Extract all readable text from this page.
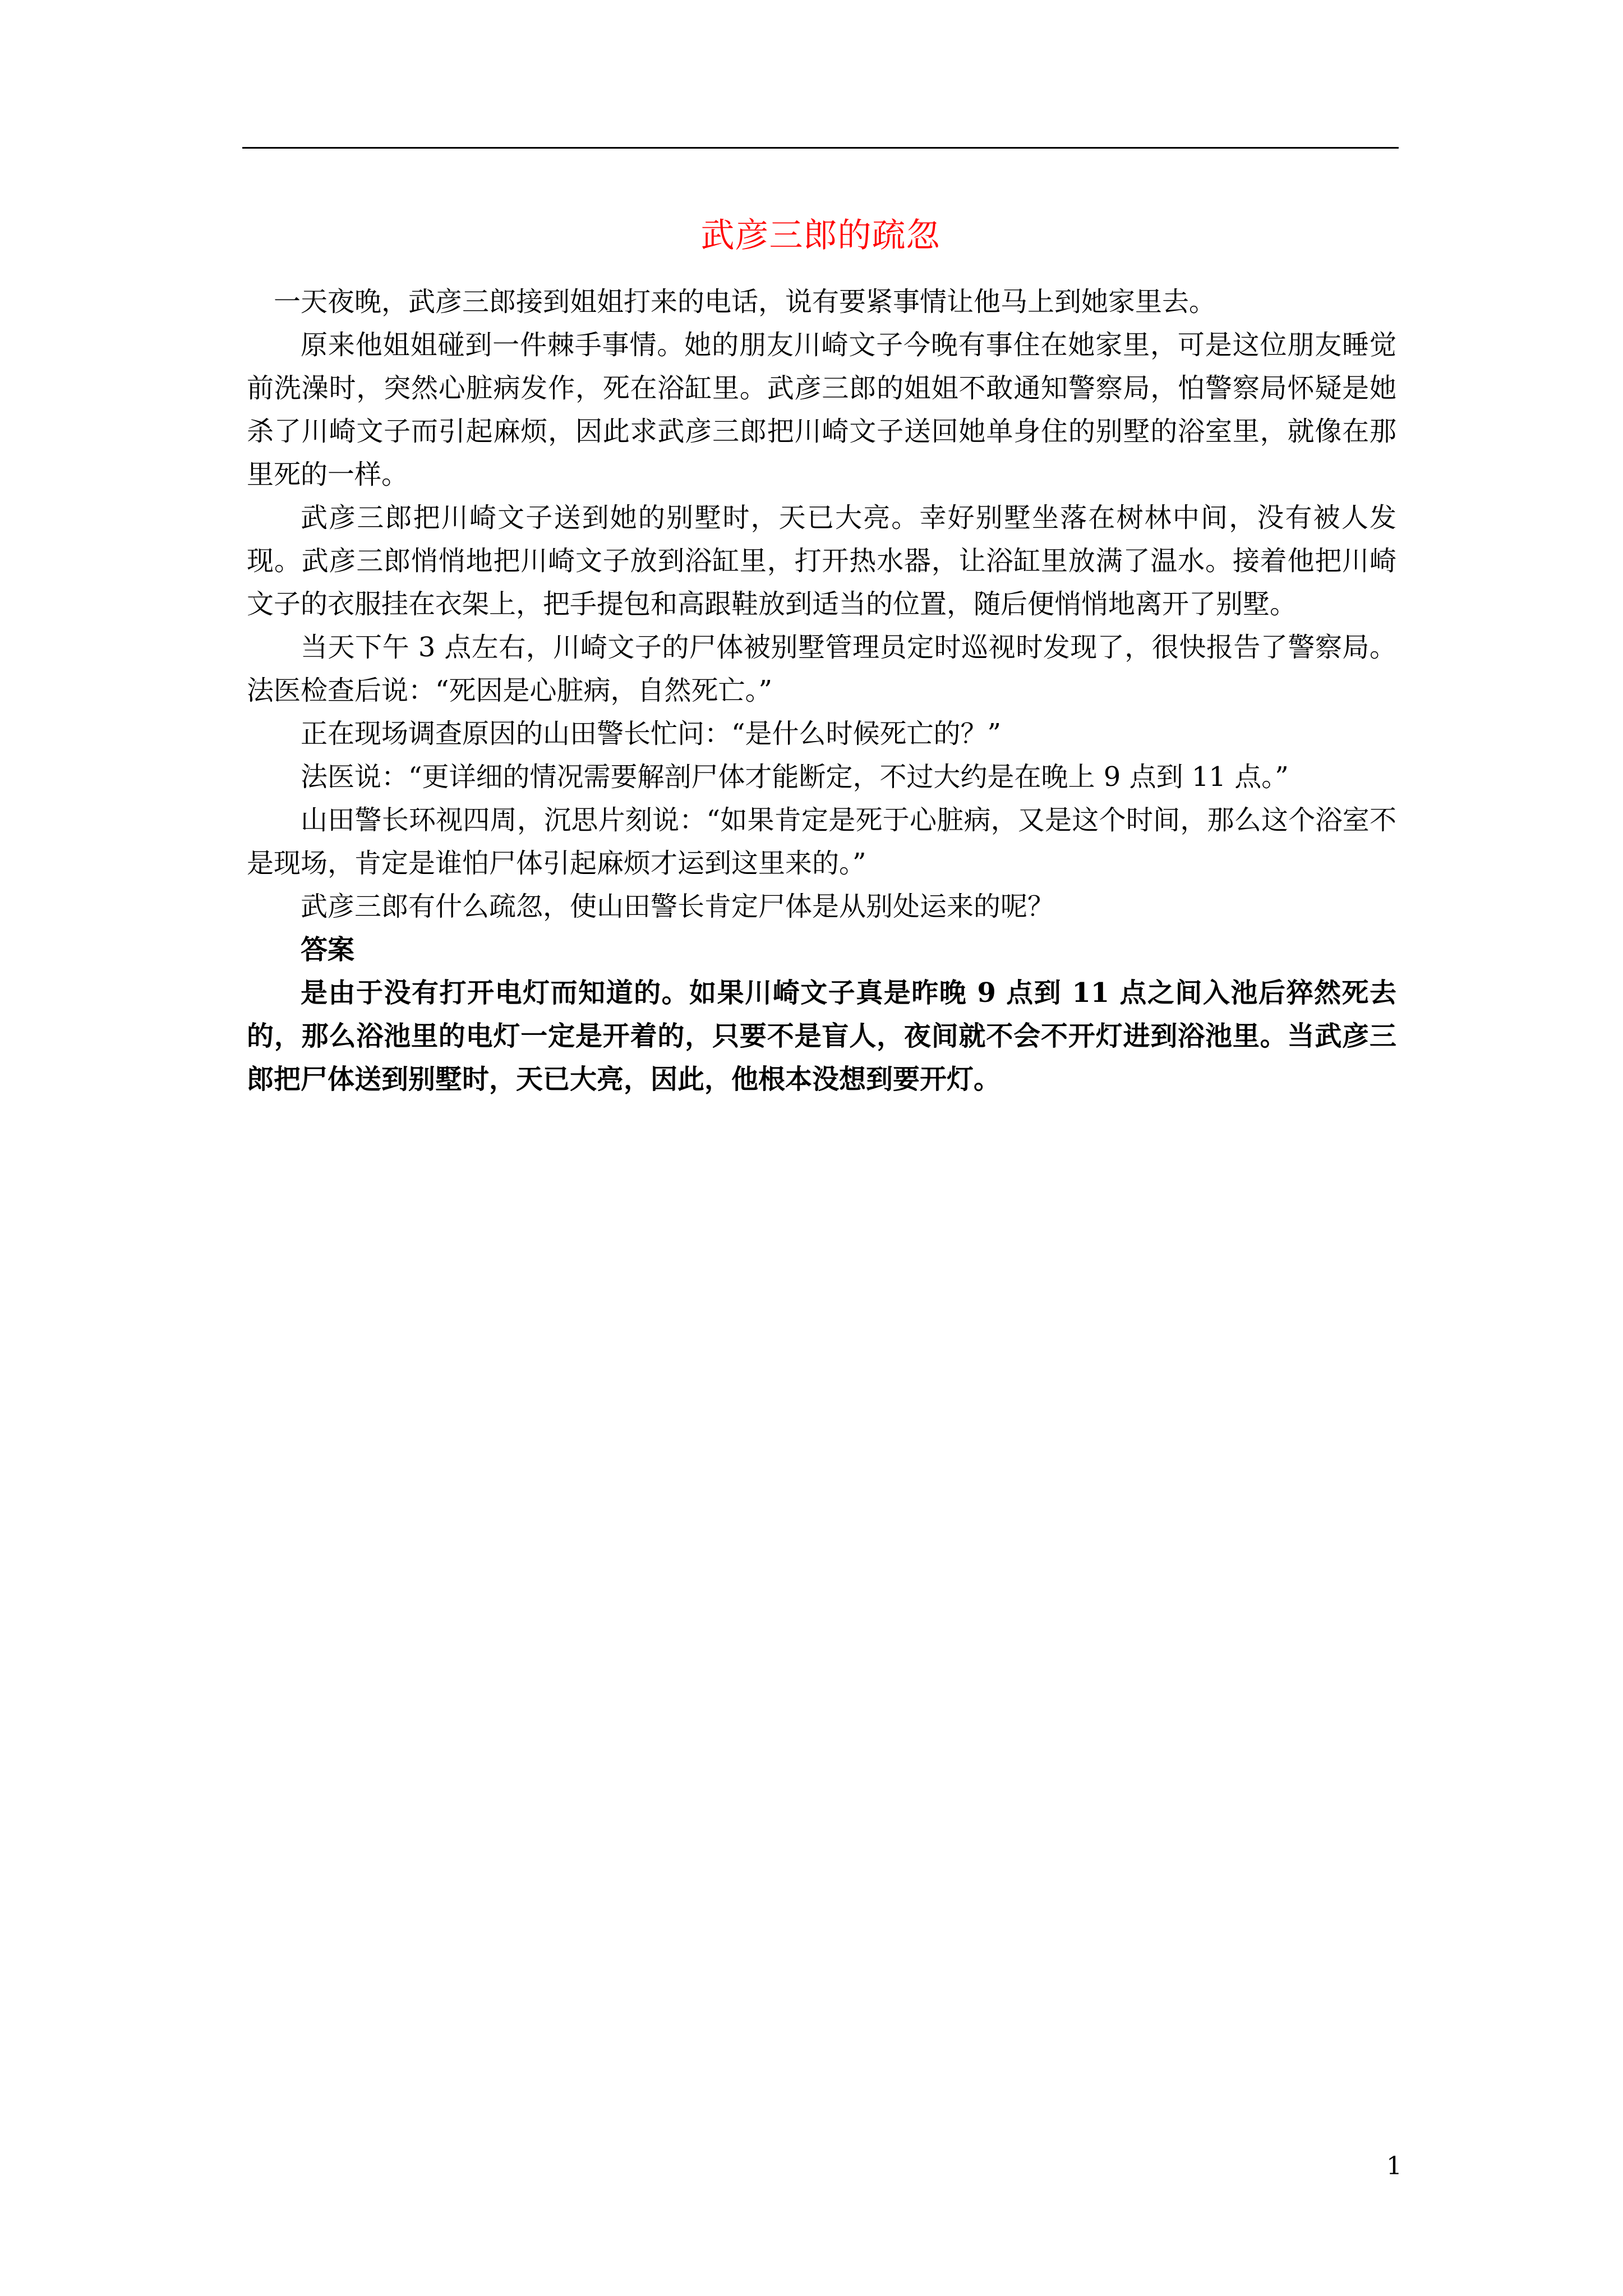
武彦三郎的疏忽

一天夜晚，武彦三郎接到姐姐打来的电话，说有要紧事情让他马上到她家里去。

原来他姐姐碰到一件棘手事情。她的朋友川崎文子今晚有事住在她家里，可是这位朋友睡觉前洗澡时，突然心脏病发作，死在浴缸里。武彦三郎的姐姐不敢通知警察局，怕警察局怀疑是她杀了川崎文子而引起麻烦，因此求武彦三郎把川崎文子送回她单身住的别墅的浴室里，就像在那里死的一样。

武彦三郎把川崎文子送到她的别墅时，天已大亮。幸好别墅坐落在树林中间，没有被人发现。武彦三郎悄悄地把川崎文子放到浴缸里，打开热水器，让浴缸里放满了温水。接着他把川崎文子的衣服挂在衣架上，把手提包和高跟鞋放到适当的位置，随后便悄悄地离开了别墅。

当天下午 3 点左右，川崎文子的尸体被别墅管理员定时巡视时发现了，很快报告了警察局。法医检查后说：“死因是心脏病，自然死亡。”

正在现场调查原因的山田警长忙问：“是什么时候死亡的？”

法医说：“更详细的情况需要解剖尸体才能断定，不过大约是在晚上 9 点到 11 点。”

山田警长环视四周，沉思片刻说：“如果肯定是死于心脏病，又是这个时间，那么这个浴室不是现场，肯定是谁怕尸体引起麻烦才运到这里来的。”

武彦三郎有什么疏忽，使山田警长肯定尸体是从别处运来的呢？

答案

是由于没有打开电灯而知道的。如果川崎文子真是昨晚 9 点到 11 点之间入池后猝然死去的，那么浴池里的电灯一定是开着的，只要不是盲人，夜间就不会不开灯进到浴池里。当武彦三郎把尸体送到别墅时，天已大亮，因此，他根本没想到要开灯。

1
